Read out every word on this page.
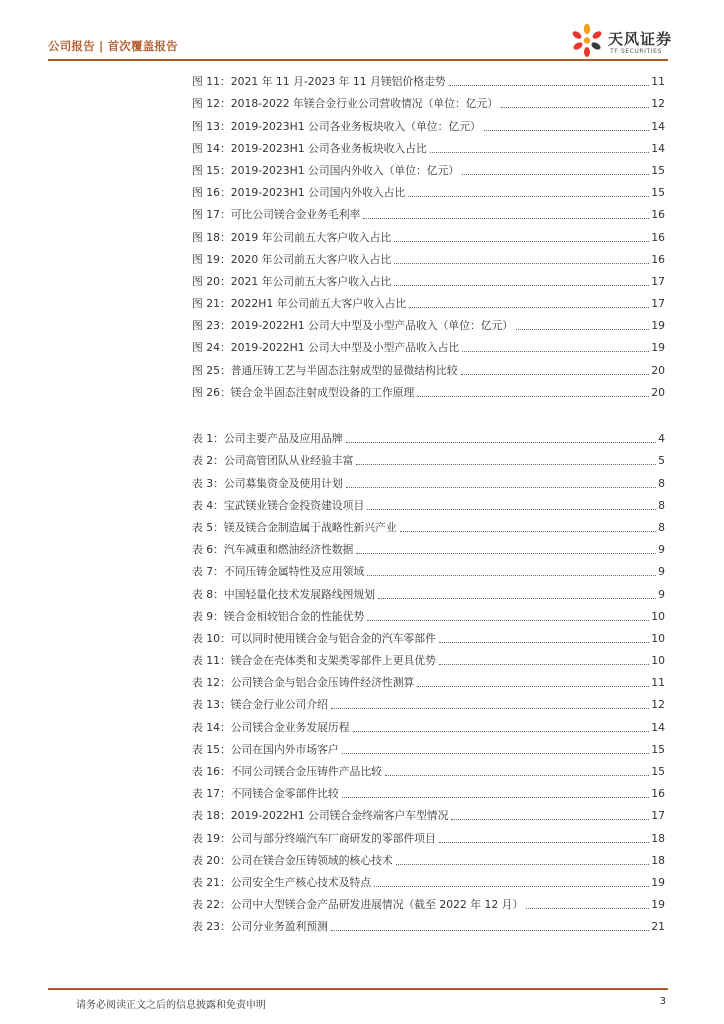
公司报告 | 首次覆盖报告	天风证券
TF SECURITIES
图 11：2021 年 11 月-2023 年 11 月镁铝价格走势	11
图 12：2018-2022 年镁合金行业公司营收情况（单位：亿元）	12
图 13：2019-2023H1 公司各业务板块收入（单位：亿元）	14
图 14：2019-2023H1 公司各业务板块收入占比	14
图 15：2019-2023H1 公司国内外收入（单位：亿元）	15
图 16：2019-2023H1 公司国内外收入占比	15
图 17：可比公司镁合金业务毛利率	16
图 18：2019 年公司前五大客户收入占比	16
图 19：2020 年公司前五大客户收入占比	16
图 20：2021 年公司前五大客户收入占比	17
图 21：2022H1 年公司前五大客户收入占比	17
图 23：2019-2022H1 公司大中型及小型产品收入（单位：亿元）	19
图 24：2019-2022H1 公司大中型及小型产品收入占比	19
图 25：普通压铸工艺与半固态注射成型的显微结构比较	20
图 26：镁合金半固态注射成型设备的工作原理	20
表 1：公司主要产品及应用品牌	4
表 2：公司高管团队从业经验丰富	5
表 3：公司募集资金及使用计划	8
表 4：宝武镁业镁合金投资建设项目	8
表 5：镁及镁合金制造属于战略性新兴产业	8
表 6：汽车减重和燃油经济性数据	9
表 7：不同压铸金属特性及应用领域	9
表 8：中国轻量化技术发展路线图规划	9
表 9：镁合金相较铝合金的性能优势	10
表 10：可以同时使用镁合金与铝合金的汽车零部件	10
表 11：镁合金在壳体类和支架类零部件上更具优势	10
表 12：公司镁合金与铝合金压铸件经济性测算	11
表 13：镁合金行业公司介绍	12
表 14：公司镁合金业务发展历程	14
表 15：公司在国内外市场客户	15
表 16：不同公司镁合金压铸件产品比较	15
表 17：不同镁合金零部件比较	16
表 18：2019-2022H1 公司镁合金终端客户车型情况	17
表 19：公司与部分终端汽车厂商研发的零部件项目	18
表 20：公司在镁合金压铸领域的核心技术	18
表 21：公司安全生产核心技术及特点	19
表 22：公司中大型镁合金产品研发进展情况（截至 2022 年 12 月）	19
表 23：公司分业务盈利预测	21
请务必阅读正文之后的信息披露和免责申明	3
